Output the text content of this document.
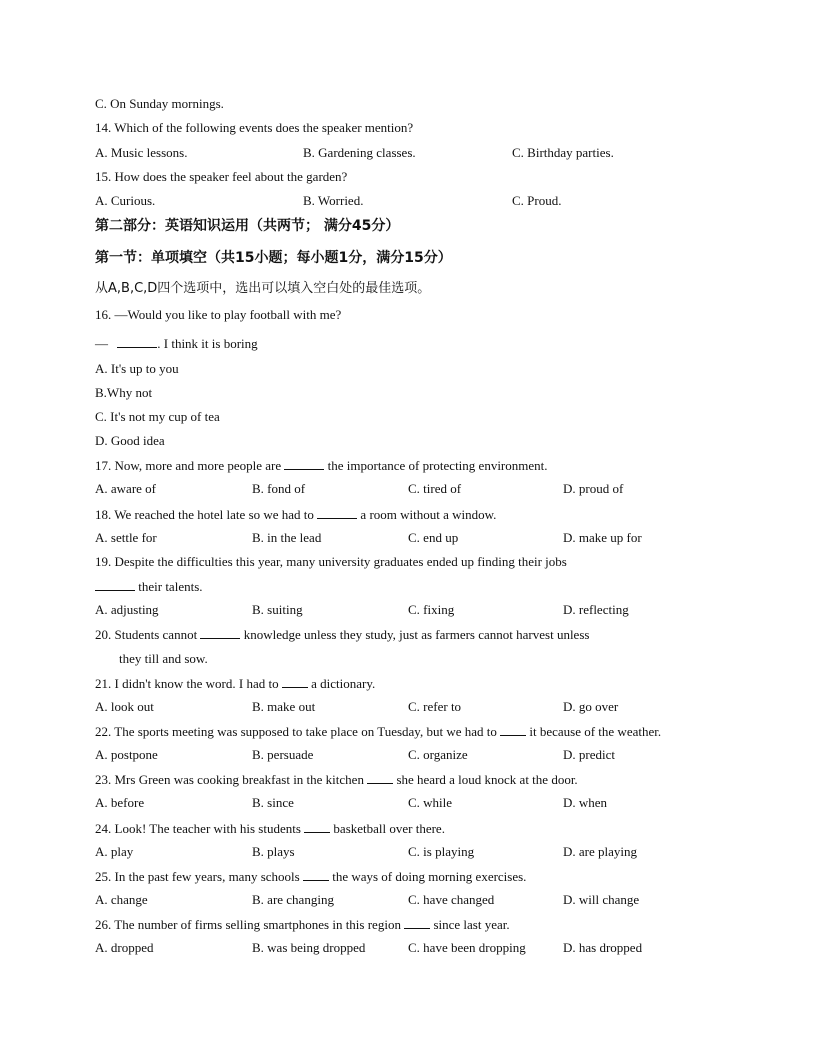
C. On Sunday mornings.
14. Which of the following events does the speaker mention?
A. Music lessons.	B. Gardening classes.	C. Birthday parties.
15. How does the speaker feel about the garden?
A. Curious.	B. Worried.	C. Proud.
第二部分：英语知识运用（共两节； 满分45分）
第一节：单项填空（共15小题；每小题1分，满分15分）
从A,B,C,D四个选项中，选出可以填入空白处的最佳选项。
16. —Would you like to play football with me?
—	. I think it is boring
A. It's up to you
B.Why not
C. It's not my cup of tea
D. Good idea
17. Now, more and more people are	the importance of protecting environment.
A. aware of	B. fond of	C. tired of	D. proud of
18. We reached the hotel late so we had to	a room without a window.
A. settle for	B. in the lead	C. end up	D. make up for
19. Despite the difficulties this year, many university graduates ended up finding their jobs
their talents.
A. adjusting	B. suiting	C. fixing	D. reflecting
20. Students cannot	knowledge unless they study, just as farmers cannot harvest unless
they till and sow.
21. I didn't know the word. I had to	a dictionary.
A. look out	B. make out	C. refer to	D. go over
22. The sports meeting was supposed to take place on Tuesday, but we had to	it because of the weather.
A. postpone	B. persuade	C. organize	D. predict
23. Mrs Green was cooking breakfast in the kitchen	she heard a loud knock at the door.
A. before	B. since	C. while	D. when
24. Look! The teacher with his students	basketball over there.
A. play	B. plays	C. is playing	D. are playing
25. In the past few years, many schools	the ways of doing morning exercises.
A. change	B. are changing	C. have changed	D. will change
26. The number of firms selling smartphones in this region	since last year.
A. dropped	B. was being dropped	C. have been dropping	D. has dropped
